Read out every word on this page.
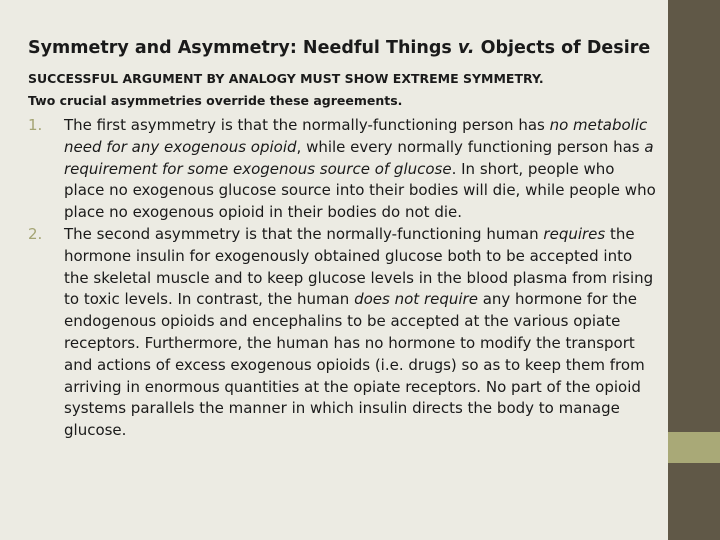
Symmetry and Asymmetry: Needful Things v. Objects of Desire
SUCCESSFUL ARGUMENT BY ANALOGY MUST SHOW EXTREME SYMMETRY.
Two crucial asymmetries override these agreements.
1. The first asymmetry is that the normally-functioning person has no metabolic need for any exogenous opioid, while every normally functioning person has a requirement for some exogenous source of glucose. In short, people who place no exogenous glucose source into their bodies will die, while people who place no exogenous opioid in their bodies do not die.
2. The second asymmetry is that the normally-functioning human requires the hormone insulin for exogenously obtained glucose both to be accepted into the skeletal muscle and to keep glucose levels in the blood plasma from rising to toxic levels. In contrast, the human does not require any hormone for the endogenous opioids and encephalins to be accepted at the various opiate receptors. Furthermore, the human has no hormone to modify the transport and actions of excess exogenous opioids (i.e. drugs) so as to keep them from arriving in enormous quantities at the opiate receptors. No part of the opioid systems parallels the manner in which insulin directs the body to manage glucose.
